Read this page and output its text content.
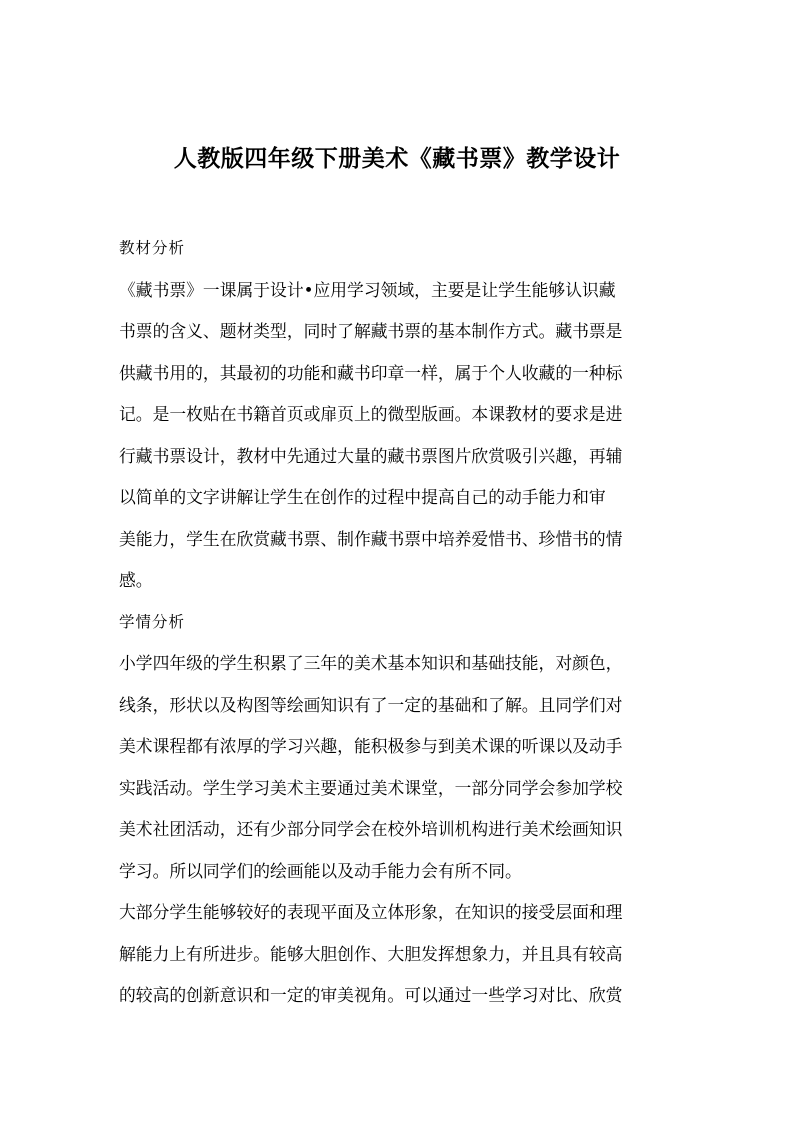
人教版四年级下册美术《藏书票》教学设计
教材分析
《藏书票》一课属于设计•应用学习领域，主要是让学生能够认识藏
书票的含义、题材类型，同时了解藏书票的基本制作方式。藏书票是
供藏书用的，其最初的功能和藏书印章一样，属于个人收藏的一种标
记。是一枚贴在书籍首页或扉页上的微型版画。本课教材的要求是进
行藏书票设计，教材中先通过大量的藏书票图片欣赏吸引兴趣，再辅
以简单的文字讲解让学生在创作的过程中提高自己的动手能力和审
美能力，学生在欣赏藏书票、制作藏书票中培养爱惜书、珍惜书的情
感。
学情分析
小学四年级的学生积累了三年的美术基本知识和基础技能，对颜色，
线条，形状以及构图等绘画知识有了一定的基础和了解。且同学们对
美术课程都有浓厚的学习兴趣，能积极参与到美术课的听课以及动手
实践活动。学生学习美术主要通过美术课堂，一部分同学会参加学校
美术社团活动，还有少部分同学会在校外培训机构进行美术绘画知识
学习。所以同学们的绘画能以及动手能力会有所不同。
大部分学生能够较好的表现平面及立体形象，在知识的接受层面和理
解能力上有所进步。能够大胆创作、大胆发挥想象力，并且具有较高
的较高的创新意识和一定的审美视角。可以通过一些学习对比、欣赏
